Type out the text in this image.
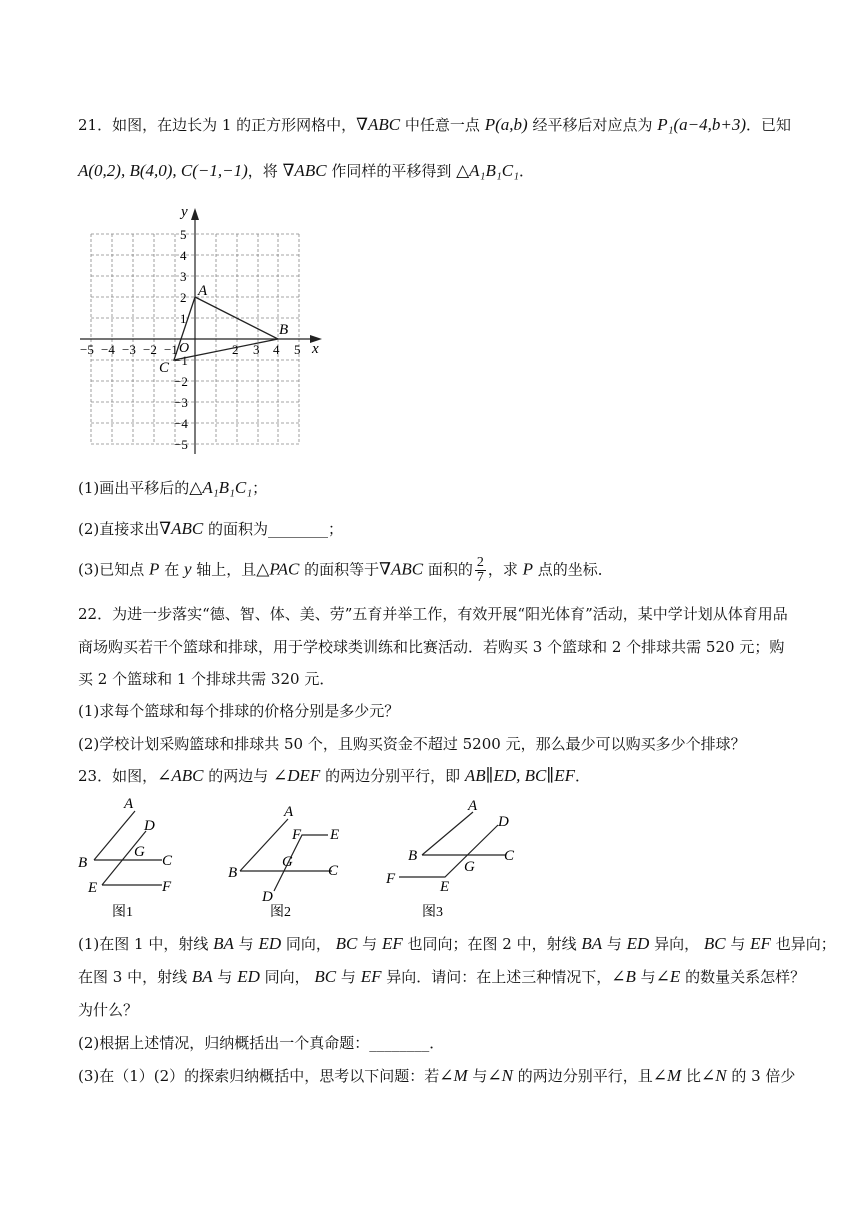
21．如图，在边长为 1 的正方形网格中，∇ABC 中任意一点 P(a,b) 经平移后对应点为 P₁(a−4,b+3)．已知
A(0,2), B(4,0), C(−1,−1)，将 ∇ABC 作同样的平移得到 △A₁B₁C₁．
y
x
O
−5 −4 −3 −2 −1	2 3 4 5
5
4
3
2
1
−1
−2
−3
−4
−5
A
B
C
(1)画出平移后的△A₁B₁C₁；
(2)直接求出∇ABC 的面积为________；
(3)已知点 P 在 y 轴上，且△PAC 的面积等于∇ABC 面积的 $\frac{2}{7}$ ，求 P 点的坐标．
22．为进一步落实“德、智、体、美、劳”五育并举工作，有效开展“阳光体育”活动，某中学计划从体育用品
商场购买若干个篮球和排球，用于学校球类训练和比赛活动．若购买 3 个篮球和 2 个排球共需 520 元；购
买 2 个篮球和 1 个排球共需 320 元．
(1)求每个篮球和每个排球的价格分别是多少元？
(2)学校计划采购篮球和排球共 50 个，且购买资金不超过 5200 元，那么最少可以购买多少个排球？
23．如图，∠ABC 的两边与 ∠DEF 的两边分别平行，即 AB∥ED, BC∥EF．
A
D
B
G
C
E	F
A
F E
G
B	C
D
A
D
B
G
C
F	E
图1	图2	图3
(1)在图 1 中，射线 BA 与 ED 同向， BC 与 EF 也同向；在图 2 中，射线 BA 与 ED 异向， BC 与 EF 也异向；
在图 3 中，射线 BA 与 ED 同向， BC 与 EF 异向．请问：在上述三种情况下，∠B 与∠E 的数量关系怎样？
为什么？
(2)根据上述情况，归纳概括出一个真命题：________．
(3)在（1）(2）的探索归纳概括中，思考以下问题：若∠M 与∠N 的两边分别平行，且∠M 比∠N 的 3 倍少
